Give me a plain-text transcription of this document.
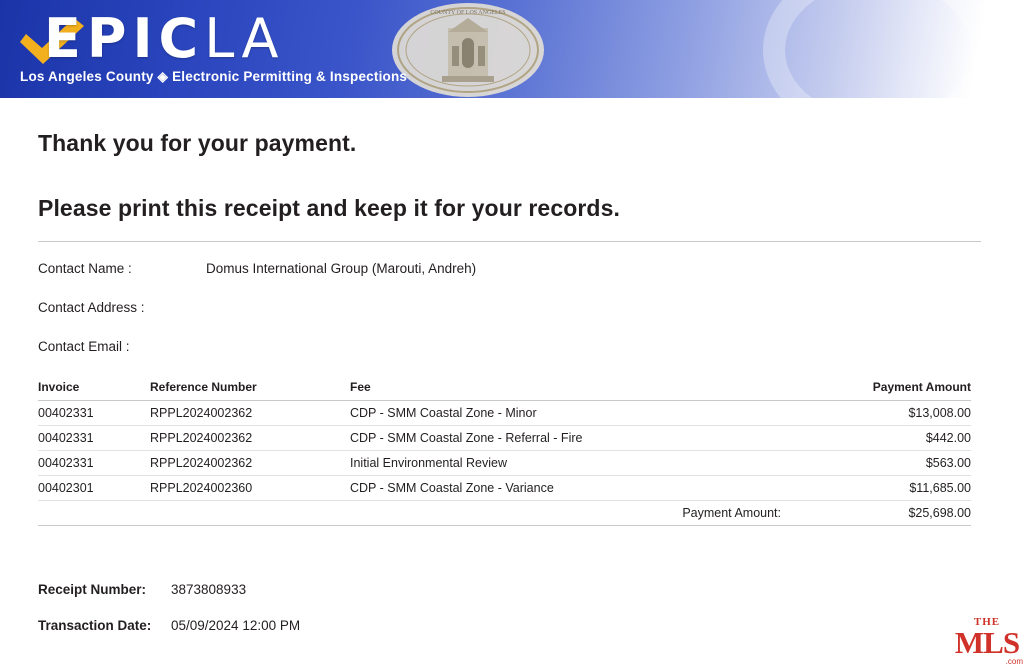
COUNTY OF LOS ANGELES
EPICLA
Los Angeles County ◈ Electronic Permitting & Inspections
Thank you for your payment.
Please print this receipt and keep it for your records.
Contact Name :	Domus International Group (Marouti, Andreh)
Contact Address :
Contact Email :
Invoice	Reference Number	Fee	Payment Amount
00402331	RPPL2024002362	CDP - SMM Coastal Zone - Minor	$13,008.00
00402331	RPPL2024002362	CDP - SMM Coastal Zone - Referral - Fire	$442.00
00402331	RPPL2024002362	Initial Environmental Review	$563.00
00402301	RPPL2024002360	CDP - SMM Coastal Zone - Variance	$11,685.00
		Payment Amount:	$25,698.00
Receipt Number:	3873808933
Transaction Date:	05/09/2024 12:00 PM	THE
MLS
.com
